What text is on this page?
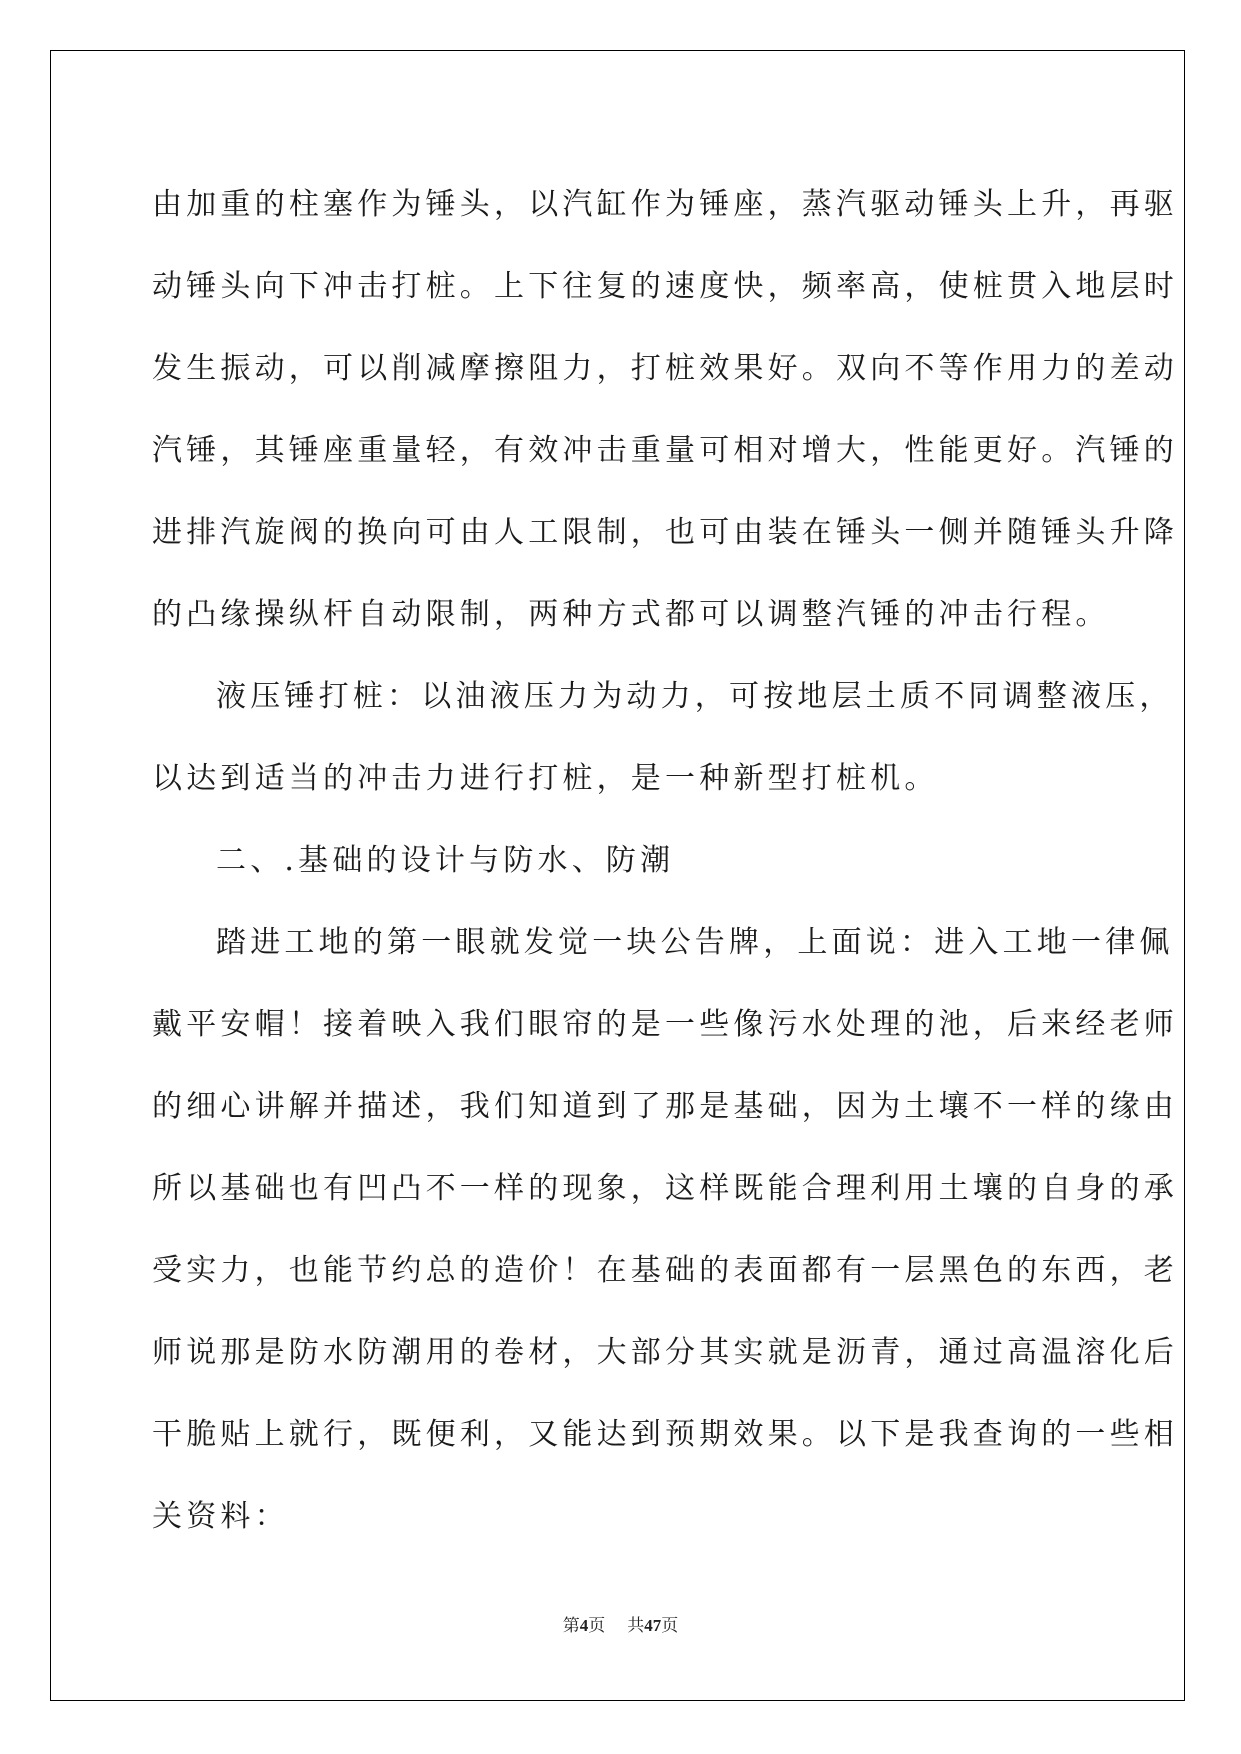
由加重的柱塞作为锤头，以汽缸作为锤座，蒸汽驱动锤头上升，再驱
动锤头向下冲击打桩。上下往复的速度快，频率高，使桩贯入地层时
发生振动，可以削减摩擦阻力，打桩效果好。双向不等作用力的差动
汽锤，其锤座重量轻，有效冲击重量可相对增大，性能更好。汽锤的
进排汽旋阀的换向可由人工限制，也可由装在锤头一侧并随锤头升降
的凸缘操纵杆自动限制，两种方式都可以调整汽锤的冲击行程。
液压锤打桩：以油液压力为动力，可按地层土质不同调整液压，
以达到适当的冲击力进行打桩，是一种新型打桩机。
二、.基础的设计与防水、防潮
踏进工地的第一眼就发觉一块公告牌，上面说：进入工地一律佩
戴平安帽！接着映入我们眼帘的是一些像污水处理的池，后来经老师
的细心讲解并描述，我们知道到了那是基础，因为土壤不一样的缘由
所以基础也有凹凸不一样的现象，这样既能合理利用土壤的自身的承
受实力，也能节约总的造价！在基础的表面都有一层黑色的东西，老
师说那是防水防潮用的卷材，大部分其实就是沥青，通过高温溶化后
干脆贴上就行，既便利，又能达到预期效果。以下是我查询的一些相
关资料：
第4页 共47页
